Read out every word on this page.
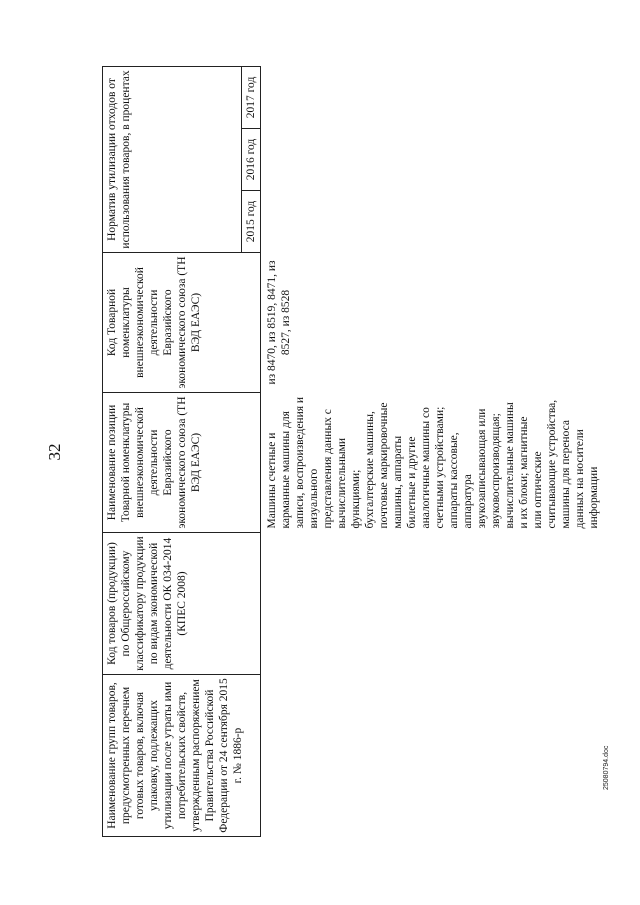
32
Наименование групп товаров, предусмотренных перечнем готовых товаров, включая упаковку, подлежащих утилизации после утраты ими потребительских свойств, утвержденным распоряжением Правительства Российской Федерации от 24 сентября 2015 г. № 1886-р	Код товаров (продукции) по Общероссийскому классификатору продукции по видам экономической деятельности ОК 034-2014 (КПЕС 2008)	Наименование позиции Товарной номенклатуры внешнеэкономической деятельности Евразийского экономического союза (ТН ВЭД ЕАЭС)	Код Товарной номенклатуры внешнеэкономической деятельности Евразийского экономического союза (ТН ВЭД ЕАЭС)	Норматив утилизации отходов от использования товаров, в процентах		
				2015 год	2016 год	2017 год
		Машины счетные и карманные машины для записи, воспроизведения и визуального представления данных с вычислительными функциями; бухгалтерские машины, почтовые маркировочные машины, аппараты билетные и другие аналогичные машины со счетными устройствами; аппараты кассовые, аппаратура звукозаписывающая или звуковоспроизводящая; вычислительные машины и их блоки; магнитные или оптические считывающие устройства, машины для переноса данных на носители информации	из 8470, из 8519, 8471, из 8527, из 8528			
25080794.doc
